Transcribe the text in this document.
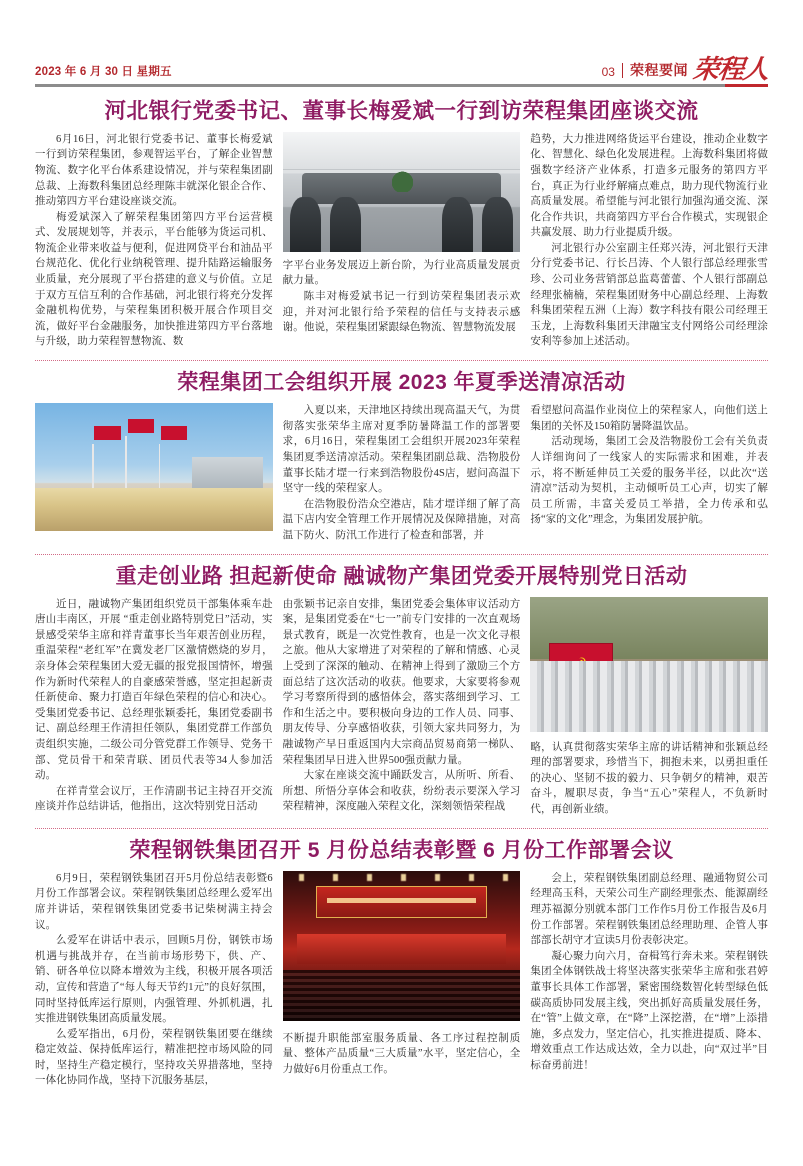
2023 年 6 月 30 日 星期五	03 荣程要闻 荣程人
河北银行党委书记、董事长梅爱斌一行到访荣程集团座谈交流

6月16日，河北银行党委书记、董事长梅爱斌一行到访荣程集团，参观智运平台，了解企业智慧物流、数字化平台体系建设情况，并与荣程集团副总裁、上海数科集团总经理陈丰就深化银企合作、推动第四方平台建设座谈交流。

梅爱斌深入了解荣程集团第四方平台运营模式、发展规划等，并表示，平台能够为货运司机、物流企业带来收益与便利，促进网贷平台和油品平台规范化、优化行业纳税管理、提升陆路运输服务业质量，充分展现了平台搭建的意义与价值。立足于双方互信互利的合作基础，河北银行将充分发挥金融机构优势，与荣程集团积极开展合作项目交流，做好平台金融服务，加快推进第四方平台落地与升级，助力荣程智慧物流、数

字平台业务发展迈上新台阶，为行业高质量发展贡献力量。

陈丰对梅爱斌书记一行到访荣程集团表示欢迎，并对河北银行给予荣程的信任与支持表示感谢。他说，荣程集团紧跟绿色物流、智慧物流发展

趋势，大力推进网络货运平台建设，推动企业数字化、智慧化、绿色化发展进程。上海数科集团将做强数字经济产业体系，打造多元服务的第四方平台，真正为行业纾解痛点难点，助力现代物流行业高质量发展。希望能与河北银行加强沟通交流、深化合作共识，共商第四方平台合作模式，实现银企共赢发展、助力行业提质升级。

河北银行办公室副主任郑兴涛，河北银行天津分行党委书记、行长吕涛、个人银行部总经理张雪珍、公司业务营销部总监葛蕾蕾、个人银行部副总经理张楠楠，荣程集团财务中心副总经理、上海数科集团荣程五洲（上海）数字科技有限公司经理王玉龙，上海数科集团天津融宝支付网络公司经理涂安利等参加上述活动。

荣程集团工会组织开展 2023 年夏季送清凉活动

入夏以来，天津地区持续出现高温天气，为贯彻落实张荣华主席对夏季防暑降温工作的部署要求，6月16日，荣程集团工会组织开展2023年荣程集团夏季送清凉活动。荣程集团副总裁、浩物股份董事长陆才堽一行来到浩物股份4S店，慰问高温下坚守一线的荣程家人。

在浩物股份浩众空港店，陆才堽详细了解了高温下店内安全管理工作开展情况及保障措施，对高温下防火、防汛工作进行了检查和部署，并

看望慰问高温作业岗位上的荣程家人，向他们送上集团的关怀及150箱防暑降温饮品。

活动现场，集团工会及浩物股份工会有关负责人详细询问了一线家人的实际需求和困难，并表示，将不断延伸员工关爱的服务半径，以此次“送清凉”活动为契机，主动倾听员工心声，切实了解员工所需，丰富关爱员工举措，全力传承和弘扬“家的文化”理念，为集团发展护航。

重走创业路 担起新使命 融诚物产集团党委开展特别党日活动

近日，融诚物产集团组织党员干部集体乘车赴唐山丰南区，开展 “重走创业路特别党日”活动，实景感受荣华主席和祥青董事长当年艰苦创业历程，重温荣程“老红军”在冀发老厂区激情燃烧的岁月，亲身体会荣程集团大爱无疆的报党报国情怀，增强作为新时代荣程人的自豪感荣誉感，坚定担起新责任新使命、聚力打造百年绿色荣程的信心和决心。受集团党委书记、总经理张颖委托，集团党委副书记、副总经理王作清担任领队，集团党群工作部负责组织实施，二级公司分管党群工作领导、党务干部、党员骨干和荣青联、团员代表等34人参加活动。

在祥青堂会议厅，王作清副书记主持召开交流座谈并作总结讲话，他指出，这次特别党日活动

由张颖书记亲自安排，集团党委会集体审议活动方案，是集团党委在“七一”前专门安排的一次直观场景式教育，既是一次党性教育，也是一次文化寻根之旅。他从大家增进了对荣程的了解和情感、心灵上受到了深深的触动、在精神上得到了激励三个方面总结了这次活动的收获。他要求，大家要将参观学习考察所得到的感悟体会，落实落细到学习、工作和生活之中。要积极向身边的工作人员、同事、朋友传导、分享感悟收获，引领大家共同努力，为融诚物产早日重返国内大宗商品贸易商第一梯队、荣程集团早日进入世界500强贡献力量。

大家在座谈交流中踊跃发言，从所听、所看、所想、所悟分享体会和收获，纷纷表示要深入学习荣程精神，深度融入荣程文化，深刻领悟荣程战

☭

略，认真贯彻落实荣华主席的讲话精神和张颖总经理的部署要求，珍惜当下，拥抱未来，以勇担重任的决心、坚韧不拔的毅力、只争朝夕的精神，艰苦奋斗，履职尽责，争当“五心”荣程人，不负新时代，再创新业绩。

荣程钢铁集团召开 5 月份总结表彰暨 6 月份工作部署会议

6月9日，荣程钢铁集团召开5月份总结表彰暨6月份工作部署会议。荣程钢铁集团总经理么爱军出席并讲话，荣程钢铁集团党委书记柴树满主持会议。

么爱军在讲话中表示，回顾5月份，钢铁市场机遇与挑战并存，在当前市场形势下，供、产、销、研各单位以降本增效为主线，积极开展各项活动，宣传和营造了“每人每天节约1元”的良好氛围，同时坚持低库运行原则，内强管理、外抓机遇，扎实推进钢铁集团高质量发展。

么爱军指出，6月份，荣程钢铁集团要在继续稳定效益、保持低库运行，精准把控市场风险的同时，坚持生产稳定模行，坚持攻关界措落地，坚持一体化协同作战，坚持下沉服务基层，

不断提升职能部室服务质量、各工序过程控制质量、整体产品质量“三大质量”水平，坚定信心，全力做好6月份重点工作。

会上，荣程钢铁集团副总经理、融通物贸公司经理高玉科，天荣公司生产副经理张杰、能源副经理苏福源分别就本部门工作作5月份工作报告及6月份工作部署。荣程钢铁集团总经理助理、企管人事部部长胡守才宣读5月份表彰决定。

凝心聚力向六月，奋楫笃行奔未来。荣程钢铁集团全体钢铁战士将坚决落实张荣华主席和张君婷董事长具体工作部署，紧密围绕数智化转型绿色低碳高质协同发展主线，突出抓好高质量发展任务，在“管”上做文章，在“降”上深挖潜，在“增”上添措施，多点发力，坚定信心，扎实推进提质、降本、增效重点工作达成达效，全力以赴，向“双过半”目标奋勇前进！
